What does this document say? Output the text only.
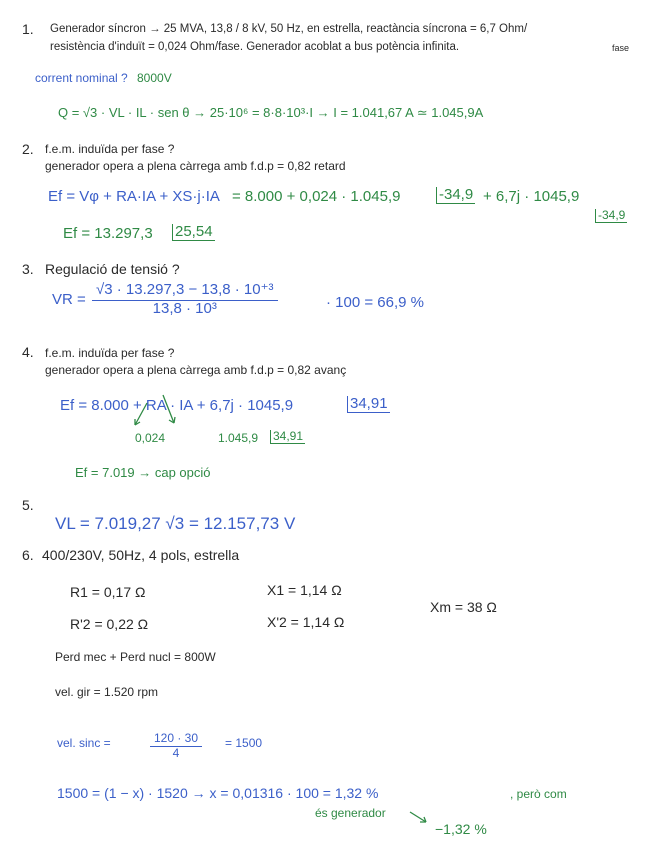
1. Generador síncron → 25 MVA, 13,8 / 8 kV, 50 Hz, en estrella, reactància síncrona = 6,7 Ohm/
resistència d'induït = 0,024 Ohm/fase. Generador acoblat a bus potència infinita.	fase
corrent nominal ? 8000V
Q = √3 · VL · IL · sen θ → 25·10⁶ = 8·8·10³·I → I = 1.041,67 A ≃ 1.045,9A
2. f.e.m. induïda per fase ?
generador opera a plena càrrega amb f.d.p = 0,82 retard
Ef = Vφ + RA·IA + XS·j·IA = 8.000 + 0,024 · 1.045,9	-34,9 + 6,7j · 1045,9
-34,9
Ef = 13.297,3 25,54
3. Regulació de tensió ?
VR = $\frac{\text{√3 · 13.297,3 − 13,8 · 10⁺³}}{\text{13,8 · 10³}}$	· 100 = 66,9 %
4. f.e.m. induïda per fase ?
generador opera a plena càrrega amb f.d.p = 0,82 avanç
Ef = 8.000 + RA · IA + 6,7j · 1045,9	34,91
0,024	1.045,9 34,91
Ef = 7.019 → cap opció
5.
VL = 7.019,27 √3 = 12.157,73 V
6. 400/230V, 50Hz, 4 pols, estrella
R1 = 0,17 Ω	X1 = 1,14 Ω
R'2 = 0,22 Ω	X'2 = 1,14 Ω
Xm = 38 Ω
Perd mec + Perd nucl = 800W
vel. gir = 1.520 rpm
vel. sinc =	$\frac{120 \cdot 30}{4} = 1500$
1500 = (1 − x) · 1520 → x = 0,01316 · 100 = 1,32 %	, però com
és generador
−1,32 %
